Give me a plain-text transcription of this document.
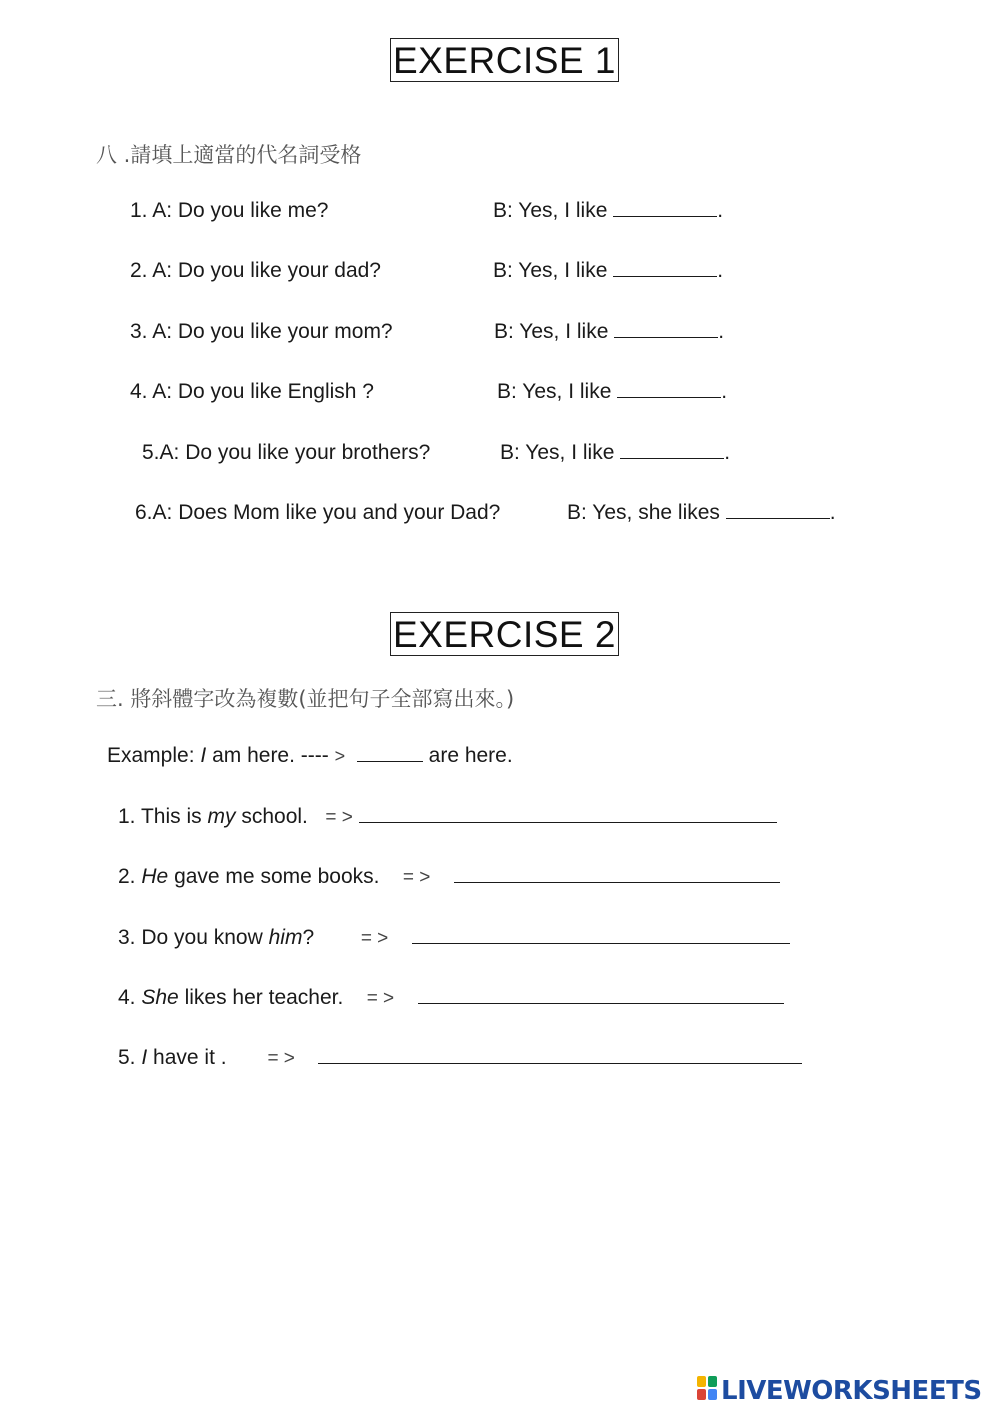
EXERCISE 1
八 .請填上適當的代名詞受格
1. A: Do you like me?	B: Yes, I like	.
2. A: Do you like your dad?	B: Yes, I like	.
3. A: Do you like your mom?	B: Yes, I like	.
4. A: Do you like English ?	B: Yes, I like	.
5.A: Do you like your brothers?	B: Yes, I like	.
6.A: Does Mom like you and your Dad?	B: Yes, she likes	.
EXERCISE 2
三. 將斜體字改為複數(並把句子全部寫出來。)
Example: I am here. ---- >	are here.
1. This is my school. = >
2. He gave me some books. = >
3. Do you know him? = >
4. She likes her teacher. = >
5. I have it . = >
LIVEWORKSHEETS
